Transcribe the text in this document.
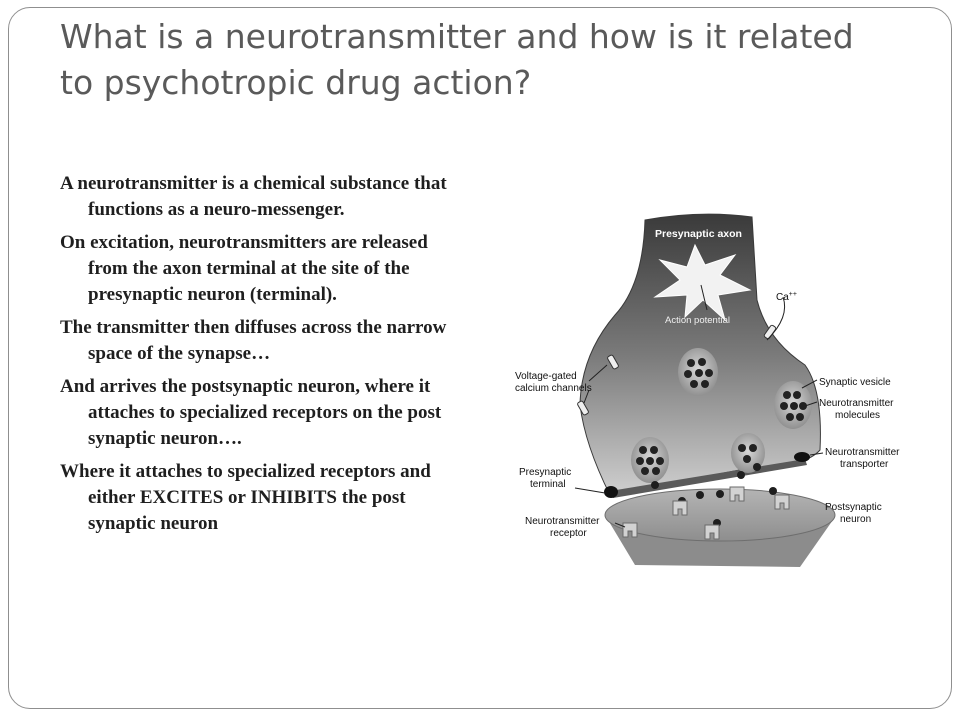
What is a neurotransmitter and how is it related to psychotropic drug action?
A neurotransmitter is a chemical substance that functions as a neuro-messenger.
On excitation, neurotransmitters are released from the axon terminal at the site of the presynaptic neuron (terminal).
The transmitter then diffuses across the narrow space of the synapse…
And arrives the postsynaptic neuron, where it attaches to specialized receptors on the post synaptic neuron….
Where it attaches to specialized receptors and either EXCITES or INHIBITS the post synaptic neuron
Presynaptic axon
Ca++
Action potential
Voltage-gated calcium channels
Synaptic vesicle
Neurotransmitter molecules
Neurotransmitter transporter
Presynaptic terminal
Postsynaptic neuron
Neurotransmitter receptor
